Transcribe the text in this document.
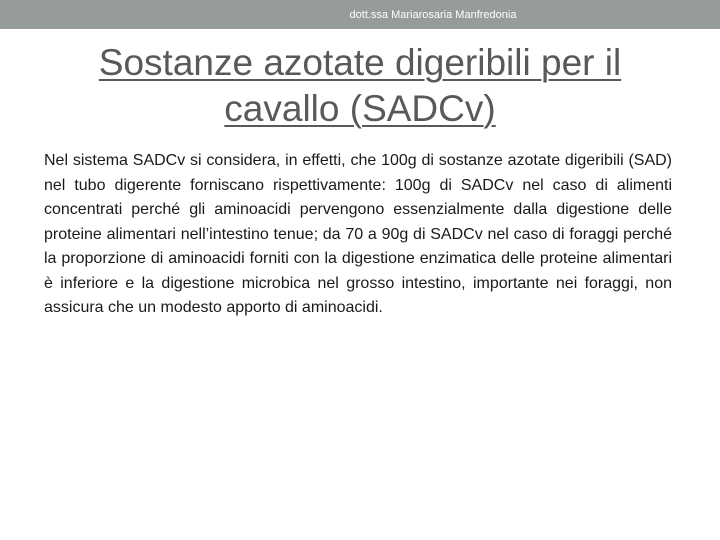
dott.ssa Mariarosaria Manfredonia
Sostanze azotate digeribili per il cavallo (SADCv)

Nel sistema SADCv si considera, in effetti, che 100g di sostanze azotate digeribili (SAD) nel tubo digerente forniscano rispettivamente: 100g di SADCv nel caso di alimenti concentrati perché gli aminoacidi pervengono essenzialmente dalla digestione delle proteine alimentari nell’intestino tenue; da 70 a 90g di SADCv nel caso di foraggi perché la proporzione di aminoacidi forniti con la digestione enzimatica delle proteine alimentari è inferiore e la digestione microbica nel grosso intestino, importante nei foraggi, non assicura che un modesto apporto di aminoacidi.
